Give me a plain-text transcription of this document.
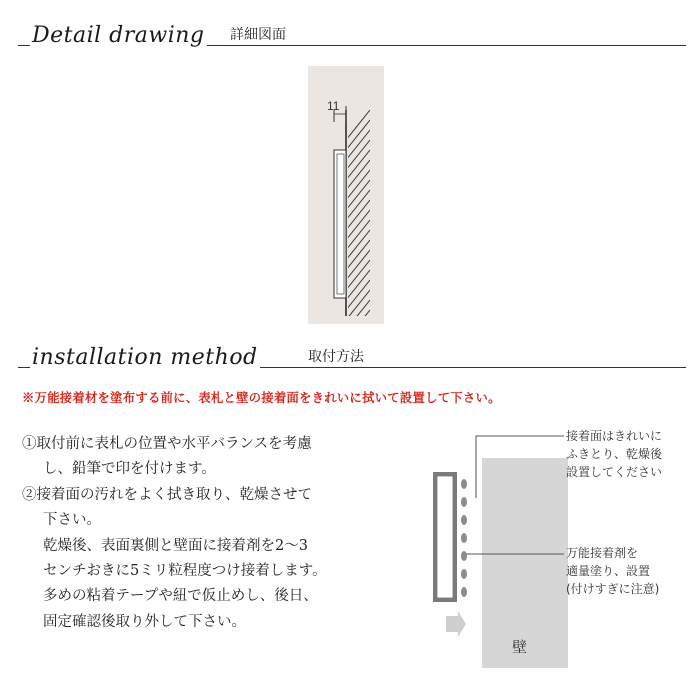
Detail drawing 詳細図面
11
installation method	取付方法
※万能接着材を塗布する前に、表札と壁の接着面をきれいに拭いて設置して下さい。
①取付前に表札の位置や水平バランスを考慮
し、鉛筆で印を付けます。
②接着面の汚れをよく拭き取り、乾燥させて
下さい。
乾燥後、表面裏側と壁面に接着剤を2〜3
センチおきに5ミリ粒程度つけ接着します。
多めの粘着テープや紐で仮止めし、後日、
固定確認後取り外して下さい。
壁
接着面はきれいに
ふきとり、乾燥後
設置してください
万能接着剤を
適量塗り、設置
(付けすぎに注意)
